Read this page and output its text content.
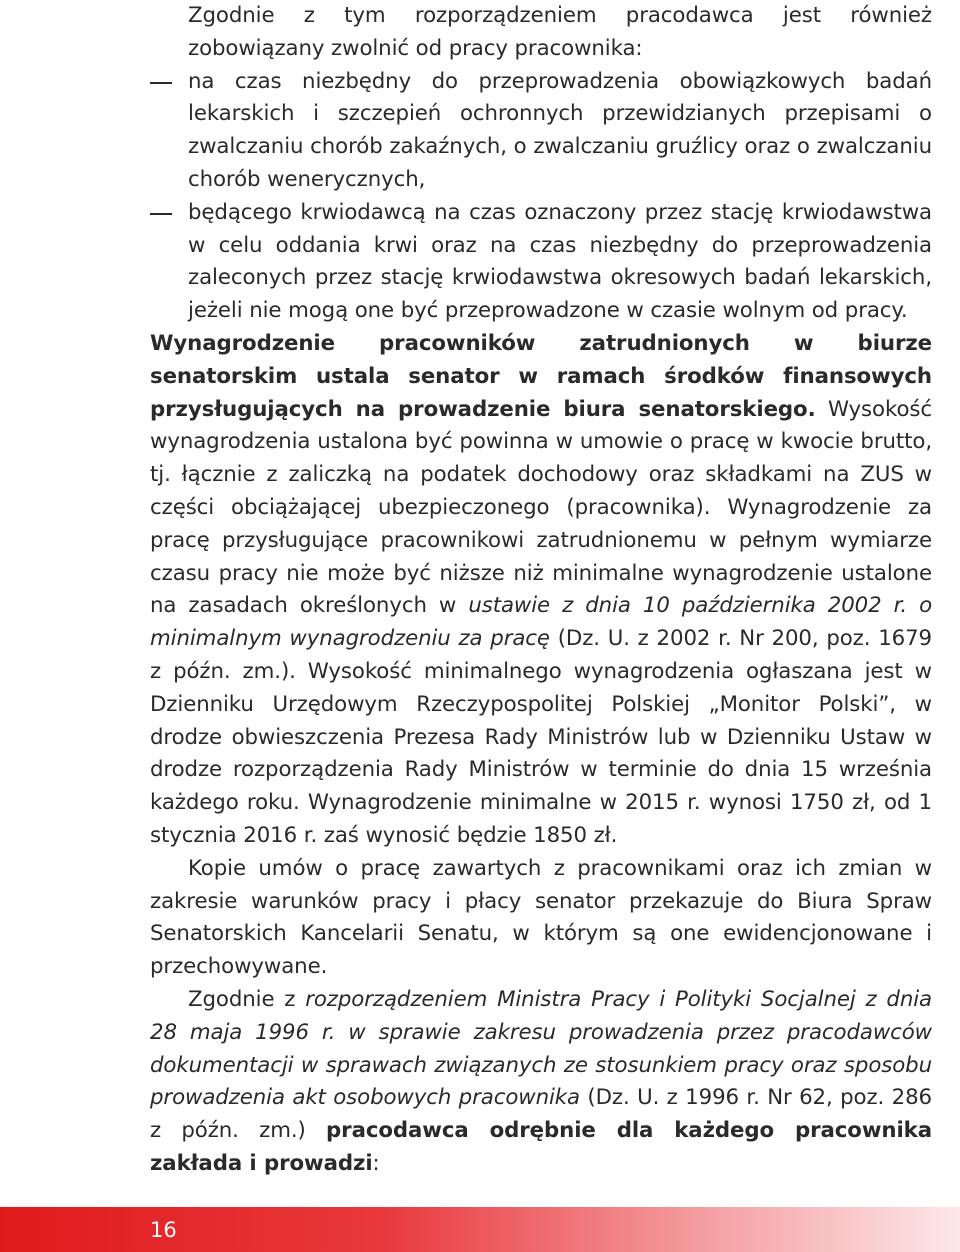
Zgodnie z tym rozporządzeniem pracodawca jest również zobowiązany zwolnić od pracy pracownika:

na czas niezbędny do przeprowadzenia obowiązkowych badań lekarskich i szczepień ochronnych przewidzianych przepisami o zwalczaniu chorób zakaźnych, o zwalczaniu gruźlicy oraz o zwalczaniu chorób wenerycznych,
będącego krwiodawcą na czas oznaczony przez stację krwiodawstwa w celu oddania krwi oraz na czas niezbędny do przeprowadzenia zaleconych przez stację krwiodawstwa okresowych badań lekarskich, jeżeli nie mogą one być przeprowadzone w czasie wolnym od pracy.

Wynagrodzenie pracowników zatrudnionych w biurze senatorskim ustala senator w ramach środków finansowych przysługujących na prowadzenie biura senatorskiego. Wysokość wynagrodzenia ustalona być powinna w umowie o pracę w kwocie brutto, tj. łącznie z zaliczką na podatek dochodowy oraz składkami na ZUS w części obciążającej ubezpieczonego (pracownika). Wynagrodzenie za pracę przysługujące pracownikowi zatrudnionemu w pełnym wymiarze czasu pracy nie może być niższe niż minimalne wynagrodzenie ustalone na zasadach określonych w ustawie z dnia 10 października 2002 r. o minimalnym wynagrodzeniu za pracę (Dz. U. z 2002 r. Nr 200, poz. 1679 z późn. zm.). Wysokość minimalnego wynagrodzenia ogłaszana jest w Dzienniku Urzędowym Rzeczypospolitej Polskiej „Monitor Polski”, w drodze obwieszczenia Prezesa Rady Ministrów lub w Dzienniku Ustaw w drodze rozporządzenia Rady Ministrów w terminie do dnia 15 września każdego roku. Wynagrodzenie minimalne w 2015 r. wynosi 1750 zł, od 1 stycznia 2016 r. zaś wynosić będzie 1850 zł.

Kopie umów o pracę zawartych z pracownikami oraz ich zmian w zakresie warunków pracy i płacy senator przekazuje do Biura Spraw Senatorskich Kancelarii Senatu, w którym są one ewidencjonowane i przechowywane.

Zgodnie z rozporządzeniem Ministra Pracy i Polityki Socjalnej z dnia 28 maja 1996 r. w sprawie zakresu prowadzenia przez pracodawców dokumentacji w sprawach związanych ze stosunkiem pracy oraz sposobu prowadzenia akt osobowych pracownika (Dz. U. z 1996 r. Nr 62, poz. 286 z późn. zm.) pracodawca odrębnie dla każdego pracownika zakłada i prowadzi:

16
